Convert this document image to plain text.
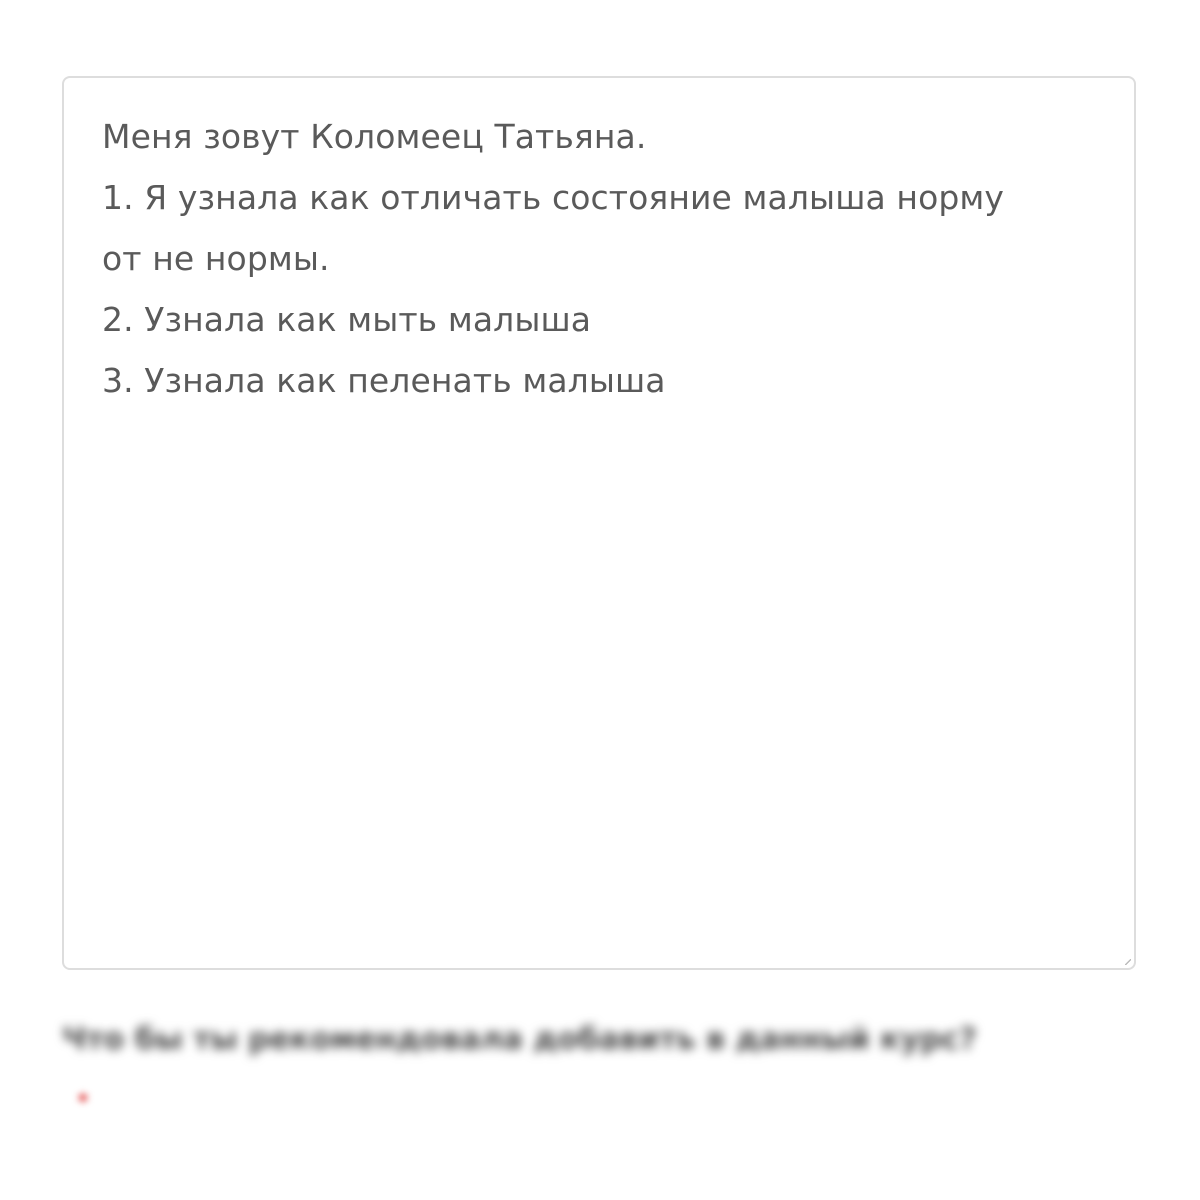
Меня зовут Коломеец Татьяна.
1. Я узнала как отличать состояние малыша норму
от не нормы.
2. Узнала как мыть малыша
3. Узнала как пеленать малыша

Что бы ты рекомендовала добавить в данный курс?

*
